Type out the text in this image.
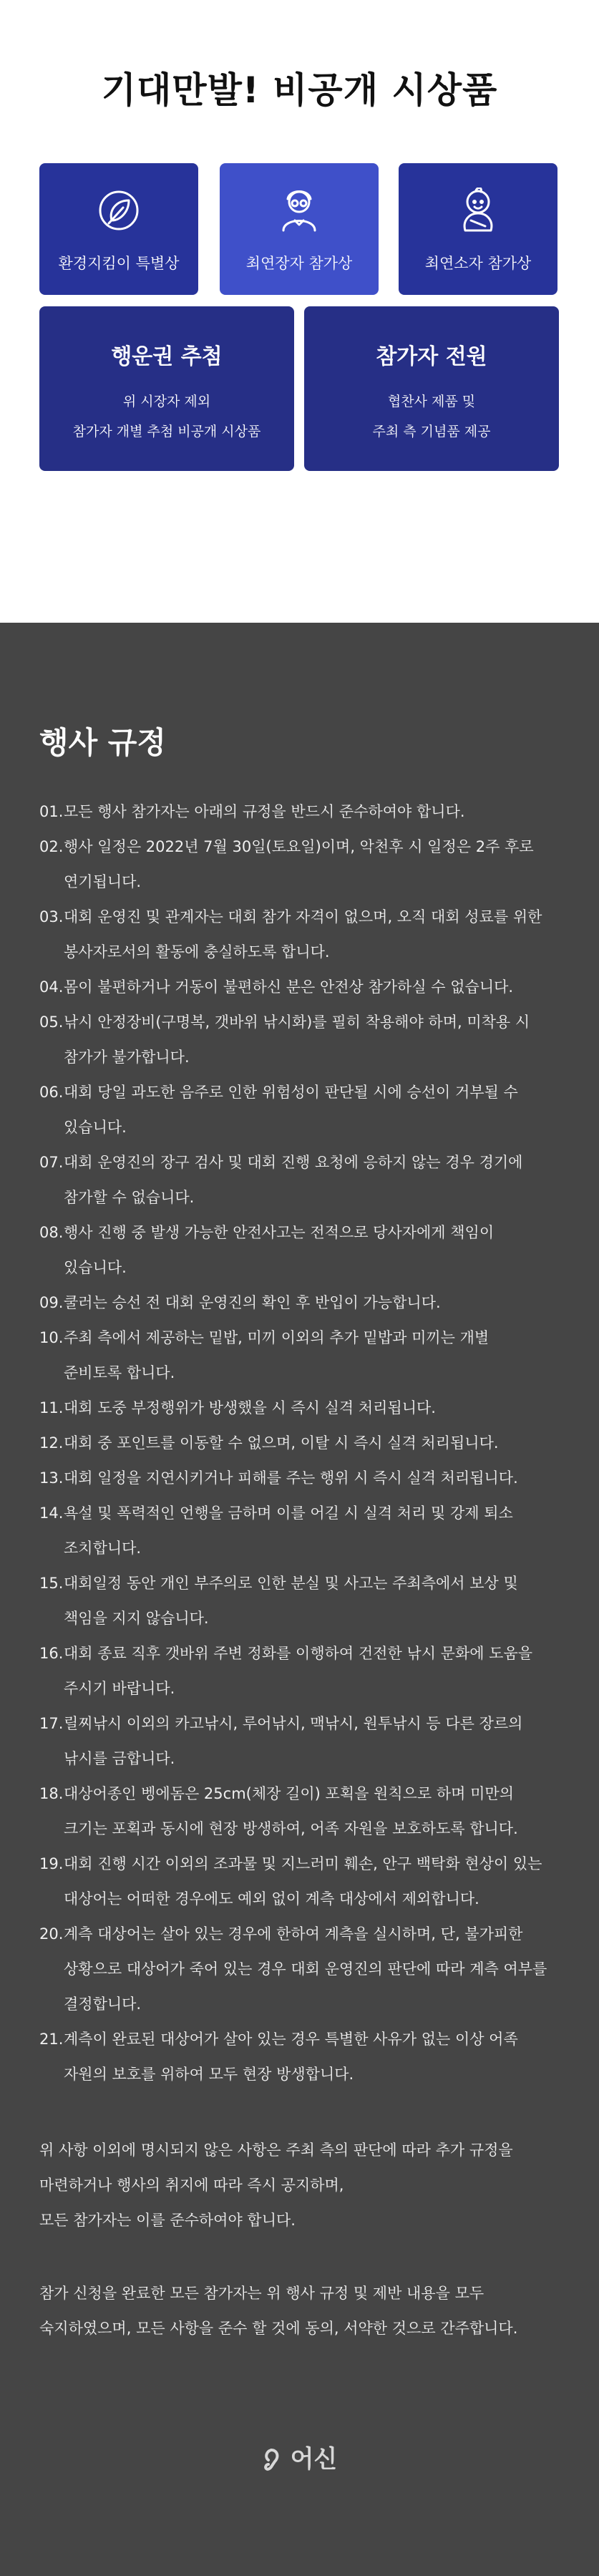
기대만발! 비공개 시상품
환경지킴이 특별상	최연장자 참가상	최연소자 참가상
행운권 추첨
위 시장자 제외
참가자 개별 추첨 비공개 시상품
참가자 전원
협찬사 제품 및
주최 측 기념품 제공
행사 규정
01. 모든 행사 참가자는 아래의 규정을 반드시 준수하여야 합니다.
02. 행사 일정은 2022년 7월 30일(토요일)이며, 악천후 시 일정은 2주 후로
연기됩니다.
03. 대회 운영진 및 관계자는 대회 참가 자격이 없으며, 오직 대회 성료를 위한
봉사자로서의 활동에 충실하도록 합니다.
04. 몸이 불편하거나 거동이 불편하신 분은 안전상 참가하실 수 없습니다.
05. 낚시 안정장비(구명복, 갯바위 낚시화)를 필히 착용해야 하며, 미착용 시
참가가 불가합니다.
06. 대회 당일 과도한 음주로 인한 위험성이 판단될 시에 승선이 거부될 수
있습니다.
07. 대회 운영진의 장구 검사 및 대회 진행 요청에 응하지 않는 경우 경기에
참가할 수 없습니다.
08. 행사 진행 중 발생 가능한 안전사고는 전적으로 당사자에게 책임이
있습니다.
09. 쿨러는 승선 전 대회 운영진의 확인 후 반입이 가능합니다.
10. 주최 측에서 제공하는 밑밥, 미끼 이외의 추가 밑밥과 미끼는 개별
준비토록 합니다.
11. 대회 도중 부정행위가 방생했을 시 즉시 실격 처리됩니다.
12. 대회 중 포인트를 이동할 수 없으며, 이탈 시 즉시 실격 처리됩니다.
13. 대회 일정을 지연시키거나 피해를 주는 행위 시 즉시 실격 처리됩니다.
14. 욕설 및 폭력적인 언행을 금하며 이를 어길 시 실격 처리 및 강제 퇴소
조치합니다.
15. 대회일정 동안 개인 부주의로 인한 분실 및 사고는 주최측에서 보상 및
책임을 지지 않습니다.
16. 대회 종료 직후 갯바위 주변 정화를 이행하여 건전한 낚시 문화에 도움을
주시기 바랍니다.
17. 릴찌낚시 이외의 카고낚시, 루어낚시, 맥낚시, 원투낚시 등 다른 장르의
낚시를 금합니다.
18. 대상어종인 벵에돔은 25cm(체장 길이) 포획을 원칙으로 하며 미만의
크기는 포획과 동시에 현장 방생하여, 어족 자원을 보호하도록 합니다.
19. 대회 진행 시간 이외의 조과물 및 지느러미 훼손, 안구 백탁화 현상이 있는
대상어는 어떠한 경우에도 예외 없이 계측 대상에서 제외합니다.
20. 계측 대상어는 살아 있는 경우에 한하여 계측을 실시하며, 단, 불가피한
상황으로 대상어가 죽어 있는 경우 대회 운영진의 판단에 따라 계측 여부를
결정합니다.
21. 계측이 완료된 대상어가 살아 있는 경우 특별한 사유가 없는 이상 어족
자원의 보호를 위하여 모두 현장 방생합니다.
위 사항 이외에 명시되지 않은 사항은 주최 측의 판단에 따라 추가 규정을
마련하거나 행사의 취지에 따라 즉시 공지하며,
모든 참가자는 이를 준수하여야 합니다.
참가 신청을 완료한 모든 참가자는 위 행사 규정 및 제반 내용을 모두
숙지하였으며, 모든 사항을 준수 할 것에 동의, 서약한 것으로 간주합니다.
어신
